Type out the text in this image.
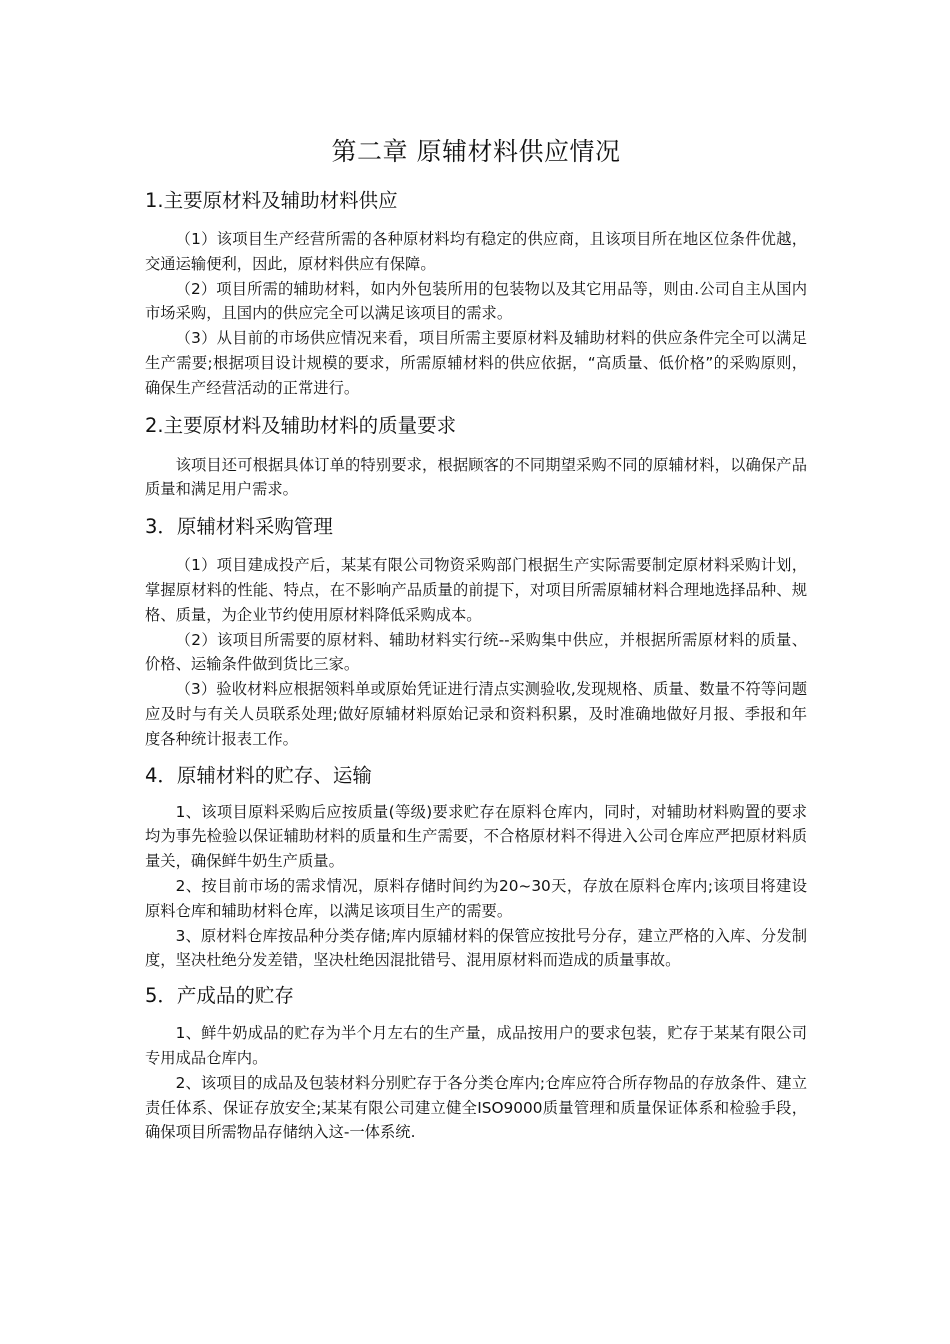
第二章 原辅材料供应情况
1.主要原材料及辅助材料供应

（1）该项目生产经营所需的各种原材料均有稳定的供应商，且该项目所在地区位条件优越，交通运输便利，因此，原材料供应有保障。

（2）项目所需的辅助材料，如内外包装所用的包装物以及其它用品等，则由.公司自主从国内市场采购，且国内的供应完全可以满足该项目的需求。

（3）从目前的市场供应情况来看，项目所需主要原材料及辅助材料的供应条件完全可以满足生产需要;根据项目设计规模的要求，所需原辅材料的供应依据，“高质量、低价格”的采购原则，确保生产经营活动的正常进行。

2.主要原材料及辅助材料的质量要求

该项目还可根据具体订单的特别要求，根据顾客的不同期望采购不同的原辅材料，以确保产品质量和满足用户需求。

3．原辅材料采购管理

（1）项目建成投产后，某某有限公司物资采购部门根据生产实际需要制定原材料采购计划，掌握原材料的性能、特点，在不影响产品质量的前提下，对项目所需原辅材料合理地选择品种、规格、质量，为企业节约使用原材料降低采购成本。

（2）该项目所需要的原材料、辅助材料实行统--采购集中供应，并根据所需原材料的质量、价格、运输条件做到货比三家。

（3）验收材料应根据领料单或原始凭证进行清点实测验收,发现规格、质量、数量不符等问题应及时与有关人员联系处理;做好原辅材料原始记录和资料积累，及时准确地做好月报、季报和年度各种统计报表工作。

4．原辅材料的贮存、运输

1、该项目原料采购后应按质量(等级)要求贮存在原料仓库内，同时，对辅助材料购置的要求均为事先检验以保证辅助材料的质量和生产需要，不合格原材料不得进入公司仓库应严把原材料质量关，确保鲜牛奶生产质量。

2、按目前市场的需求情况，原料存储时间约为20~30天，存放在原料仓库内;该项目将建设原料仓库和辅助材料仓库，以满足该项目生产的需要。

3、原材料仓库按品种分类存储;库内原辅材料的保管应按批号分存，建立严格的入库、分发制度，坚决杜绝分发差错，坚决杜绝因混批错号、混用原材料而造成的质量事故。

5．产成品的贮存

1、鲜牛奶成品的贮存为半个月左右的生产量，成品按用户的要求包装，贮存于某某有限公司专用成品仓库内。

2、该项目的成品及包装材料分别贮存于各分类仓库内;仓库应符合所存物品的存放条件、建立责任体系、保证存放安全;某某有限公司建立健全ISO9000质量管理和质量保证体系和检验手段，确保项目所需物品存储纳入这-一体系统.
